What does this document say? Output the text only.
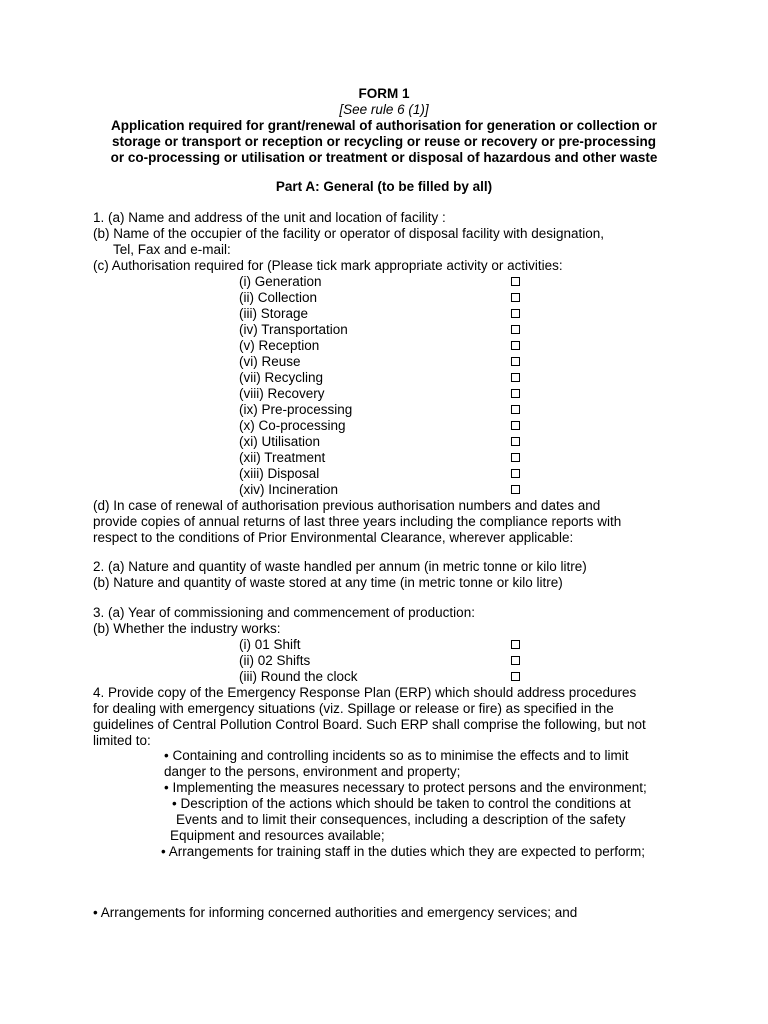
FORM 1
[See rule 6 (1)]
Application required for grant/renewal of authorisation for generation or collection or
storage or transport or reception or recycling or reuse or recovery or pre-processing
or co-processing or utilisation or treatment or disposal of hazardous and other waste
Part A: General (to be filled by all)
1. (a) Name and address of the unit and location of facility :
(b) Name of the occupier of the facility or operator of disposal facility with designation,
Tel, Fax and e-mail:
(c) Authorisation required for (Please tick mark appropriate activity or activities:
(i) Generation
(ii) Collection
(iii) Storage
(iv) Transportation
(v) Reception
(vi) Reuse
(vii) Recycling
(viii) Recovery
(ix) Pre-processing
(x) Co-processing
(xi) Utilisation
(xii) Treatment
(xiii) Disposal
(xiv) Incineration
(d) In case of renewal of authorisation previous authorisation numbers and dates and
provide copies of annual returns of last three years including the compliance reports with
respect to the conditions of Prior Environmental Clearance, wherever applicable:
2. (a) Nature and quantity of waste handled per annum (in metric tonne or kilo litre)
(b) Nature and quantity of waste stored at any time (in metric tonne or kilo litre)
3. (a) Year of commissioning and commencement of production:
(b) Whether the industry works:
(i) 01 Shift
(ii) 02 Shifts
(iii) Round the clock
4. Provide copy of the Emergency Response Plan (ERP) which should address procedures
for dealing with emergency situations (viz. Spillage or release or fire) as specified in the
guidelines of Central Pollution Control Board. Such ERP shall comprise the following, but not
limited to:
• Containing and controlling incidents so as to minimise the effects and to limit
danger to the persons, environment and property;
• Implementing the measures necessary to protect persons and the environment;
• Description of the actions which should be taken to control the conditions at
Events and to limit their consequences, including a description of the safety
Equipment and resources available;
• Arrangements for training staff in the duties which they are expected to perform;
• Arrangements for informing concerned authorities and emergency services; and
